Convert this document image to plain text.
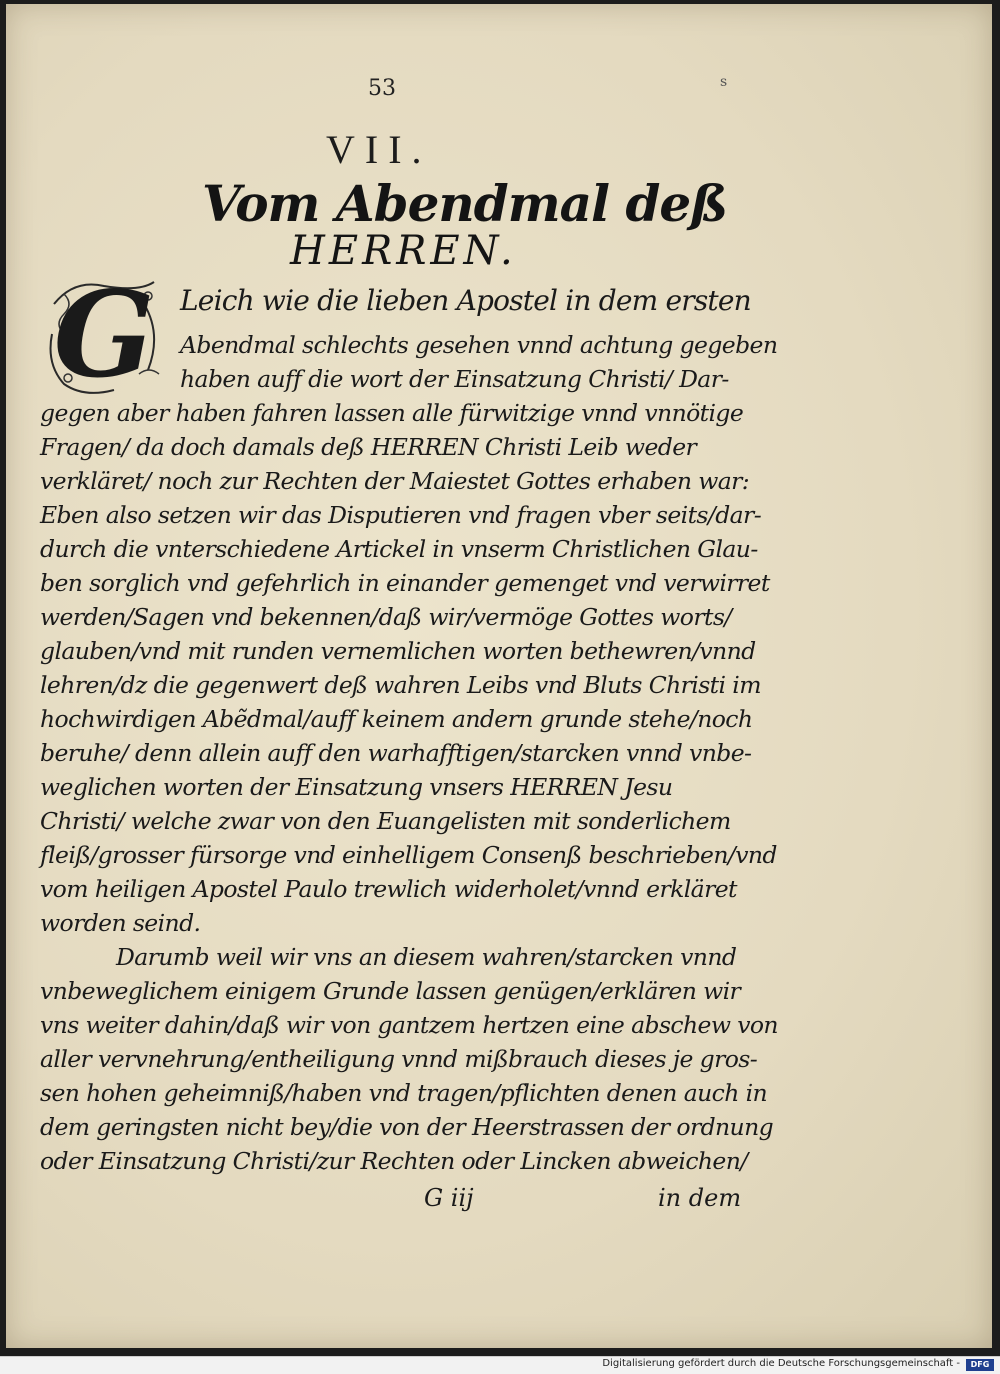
53	s
VII.
Vom Abendmal deß
HERREN.
G Leich wie die lieben Apostel in dem ersten
Abendmal schlechts gesehen vnnd achtung gegeben
haben auff die wort der Einsatzung Christi/ Dar-
gegen aber haben fahren lassen alle fürwitzige vnnd vnnötige
Fragen/ da doch damals deß HERREN Christi Leib weder
verkläret/ noch zur Rechten der Maiestet Gottes erhaben war:
Eben also setzen wir das Disputieren vnd fragen vber seits/dar-
durch die vnterschiedene Artickel in vnserm Christlichen Glau-
ben sorglich vnd gefehrlich in einander gemenget vnd verwirret
werden/Sagen vnd bekennen/daß wir/vermöge Gottes worts/
glauben/vnd mit runden vernemlichen worten bethewren/vnnd
lehren/dz die gegenwert deß wahren Leibs vnd Bluts Christi im
hochwirdigen Abẽdmal/auff keinem andern grunde stehe/noch
beruhe/ denn allein auff den warhafftigen/starcken vnnd vnbe-
weglichen worten der Einsatzung vnsers HERREN Jesu
Christi/ welche zwar von den Euangelisten mit sonderlichem
fleiß/grosser fürsorge vnd einhelligem Consenß beschrieben/vnd
vom heiligen Apostel Paulo trewlich widerholet/vnnd erkläret
worden seind.
Darumb weil wir vns an diesem wahren/starcken vnnd
vnbeweglichem einigem Grunde lassen genügen/erklären wir
vns weiter dahin/daß wir von gantzem hertzen eine abschew von
aller vervnehrung/entheiligung vnnd mißbrauch dieses je gros-
sen hohen geheimniß/haben vnd tragen/pflichten denen auch in
dem geringsten nicht bey/die von der Heerstrassen der ordnung
oder Einsatzung Christi/zur Rechten oder Lincken abweichen/
G iij	in dem
Digitalisierung gefördert durch die Deutsche Forschungsgemeinschaft -	DFG
